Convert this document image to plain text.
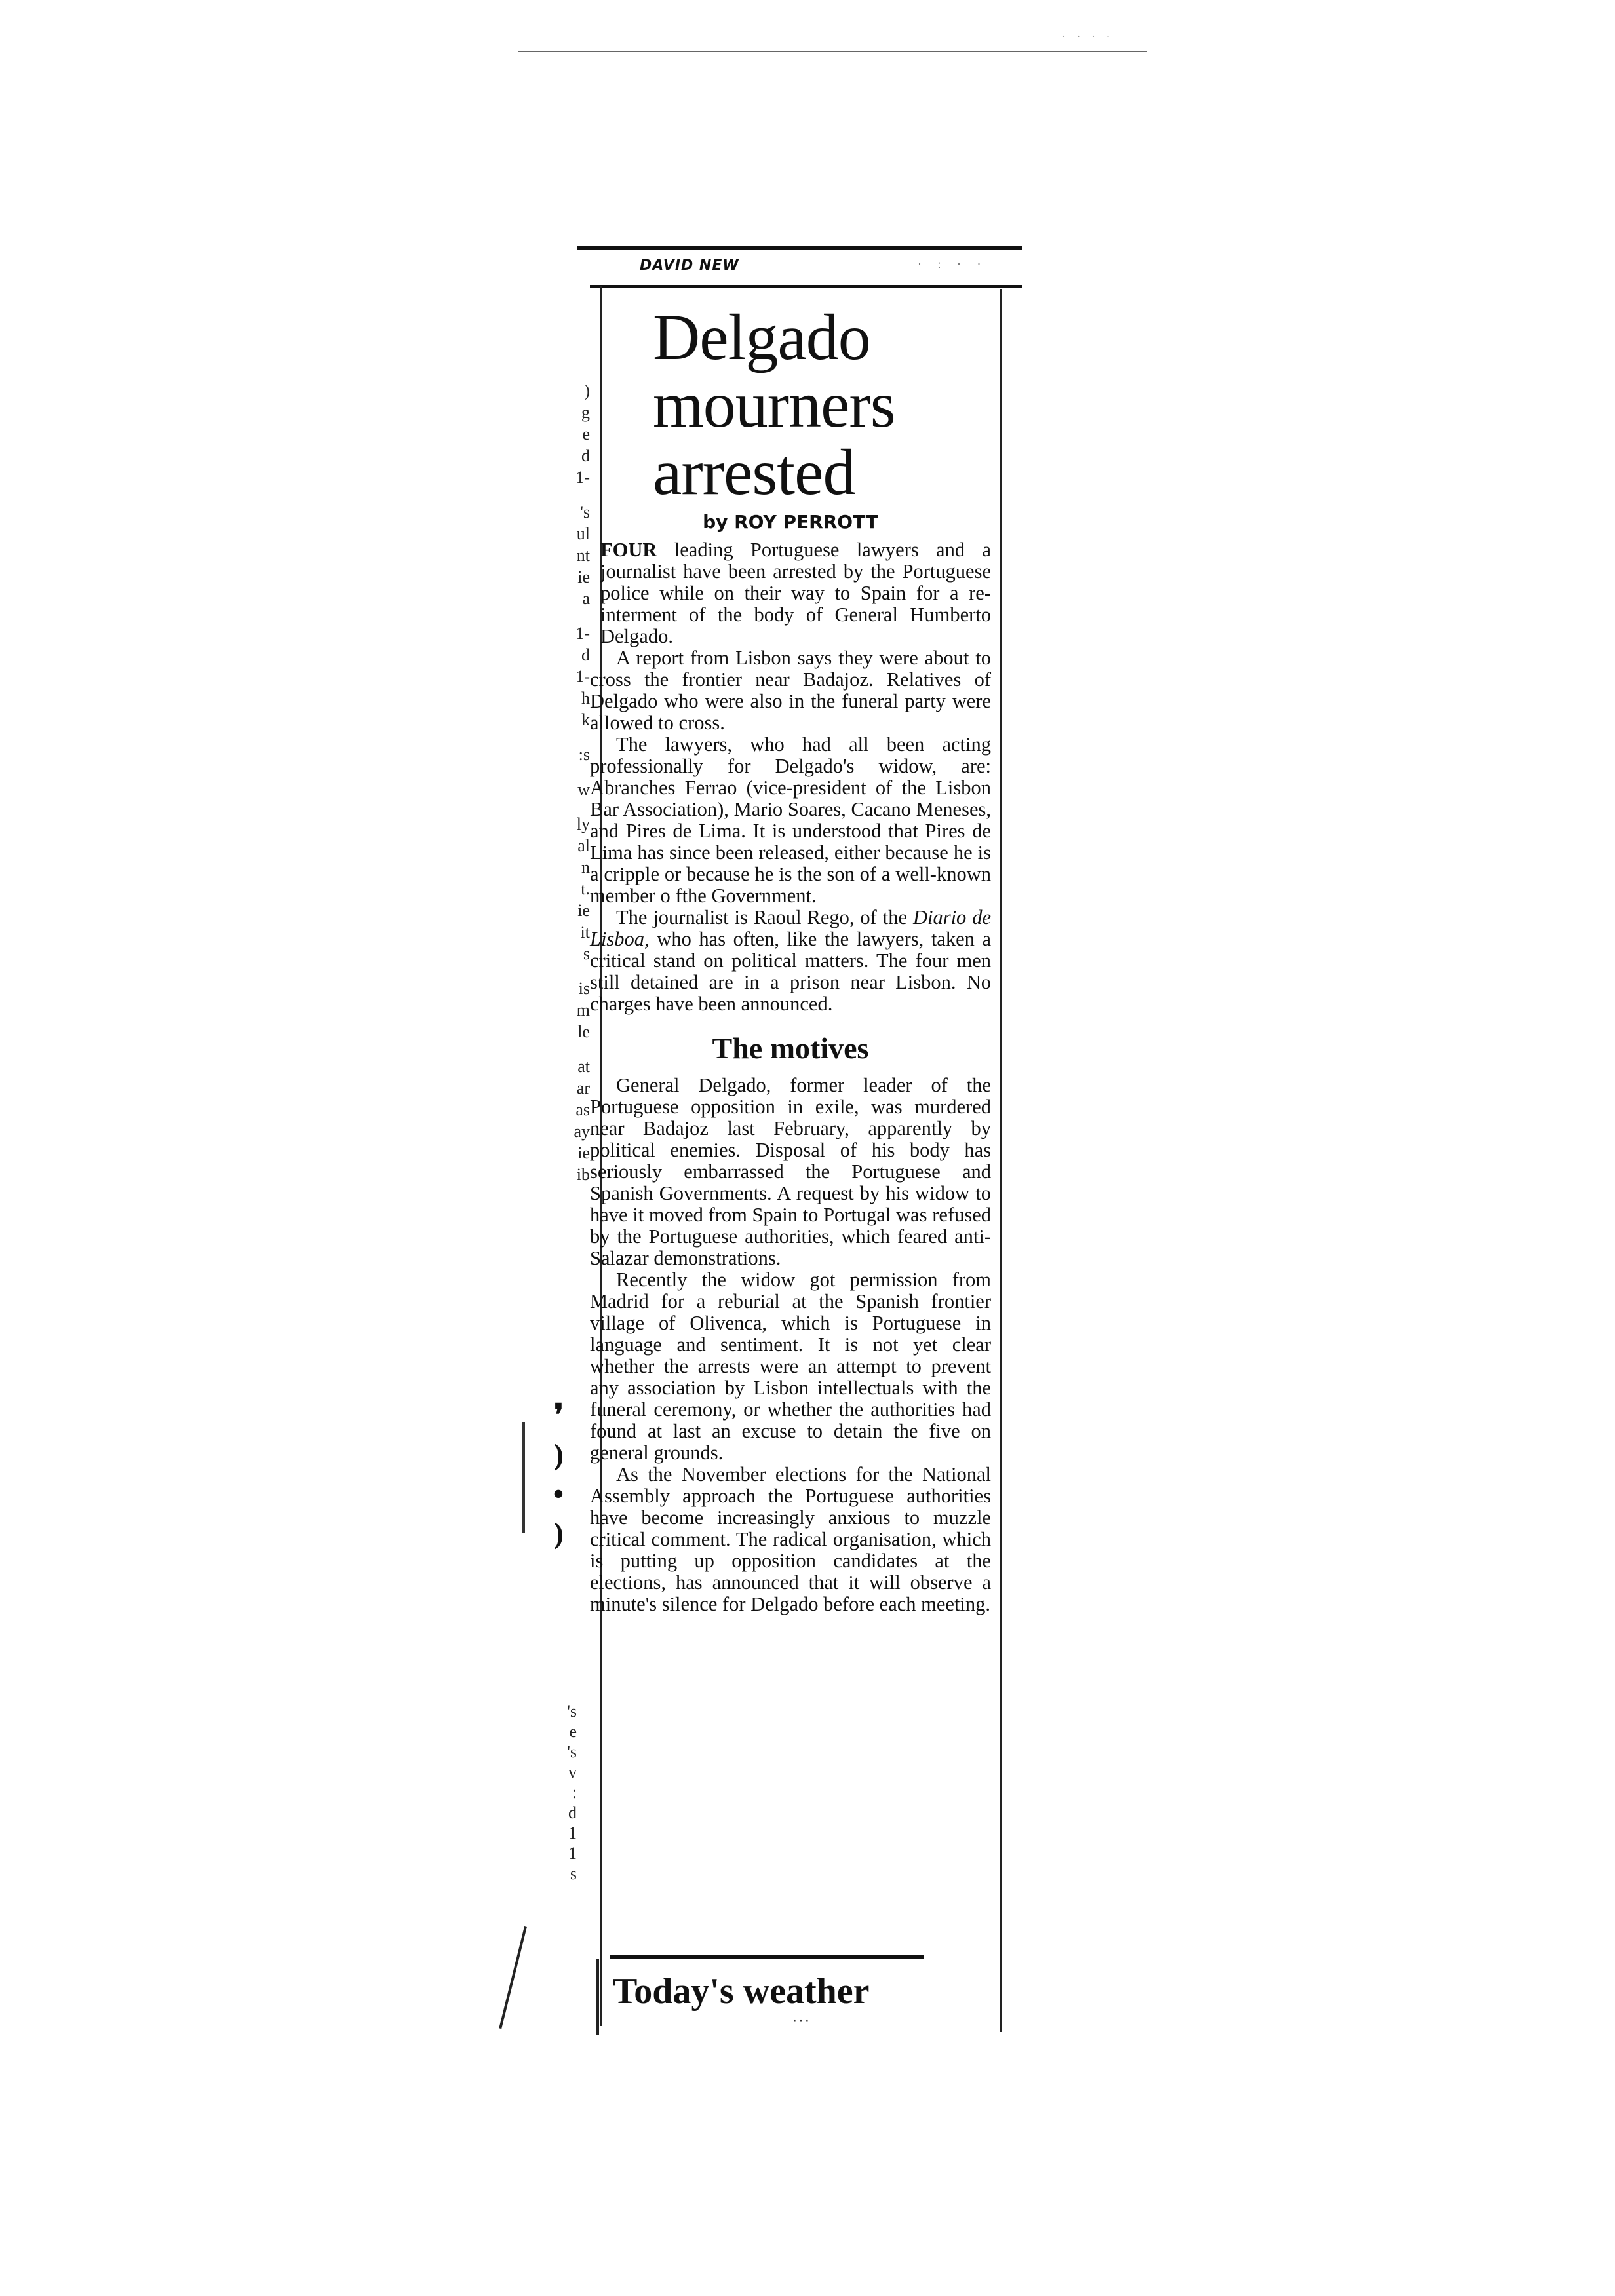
· · · ·
)
g
e
d
1-
's
ul
nt
ie
a
1-
d
1-
h
k
:s
w
ly
al
n
t.
ie
it
s
is
m
le
at
ar
as
ay
ie
ib
❜
)
•
)
's
e
's
v
:
d
1
1
s
DAVID NEW	· : · ·
Delgado
mourners
arrested
by ROY PERROTT

FOUR leading Portuguese lawyers and a journalist have been arrested by the Portuguese police while on their way to Spain for a re-interment of the body of General Humberto Delgado.

A report from Lisbon says they were about to cross the frontier near Badajoz. Relatives of Delgado who were also in the funeral party were allowed to cross.

The lawyers, who had all been acting professionally for Delgado's widow, are: Abranches Ferrao (vice-president of the Lisbon Bar Association), Mario Soares, Cacano Meneses, and Pires de Lima. It is understood that Pires de Lima has since been released, either because he is a cripple or because he is the son of a well-known member o fthe Government.

The journalist is Raoul Rego, of the Diario de Lisboa, who has often, like the lawyers, taken a critical stand on political matters. The four men still detained are in a prison near Lisbon. No charges have been announced.

The motives

General Delgado, former leader of the Portuguese opposition in exile, was murdered near Badajoz last February, apparently by political enemies. Disposal of his body has seriously embarrassed the Portuguese and Spanish Governments. A request by his widow to have it moved from Spain to Portugal was refused by the Portuguese authorities, which feared anti-Salazar demonstrations.

Recently the widow got permission from Madrid for a reburial at the Spanish frontier village of Olivenca, which is Portuguese in language and sentiment. It is not yet clear whether the arrests were an attempt to prevent any association by Lisbon intellectuals with the funeral ceremony, or whether the authorities had found at last an excuse to detain the five on general grounds.

As the November elections for the National Assembly approach the Portuguese authorities have become increasingly anxious to muzzle critical comment. The radical organisation, which is putting up opposition candidates at the elections, has announced that it will observe a minute's silence for Delgado before each meeting.

Today's weather
· · ·
